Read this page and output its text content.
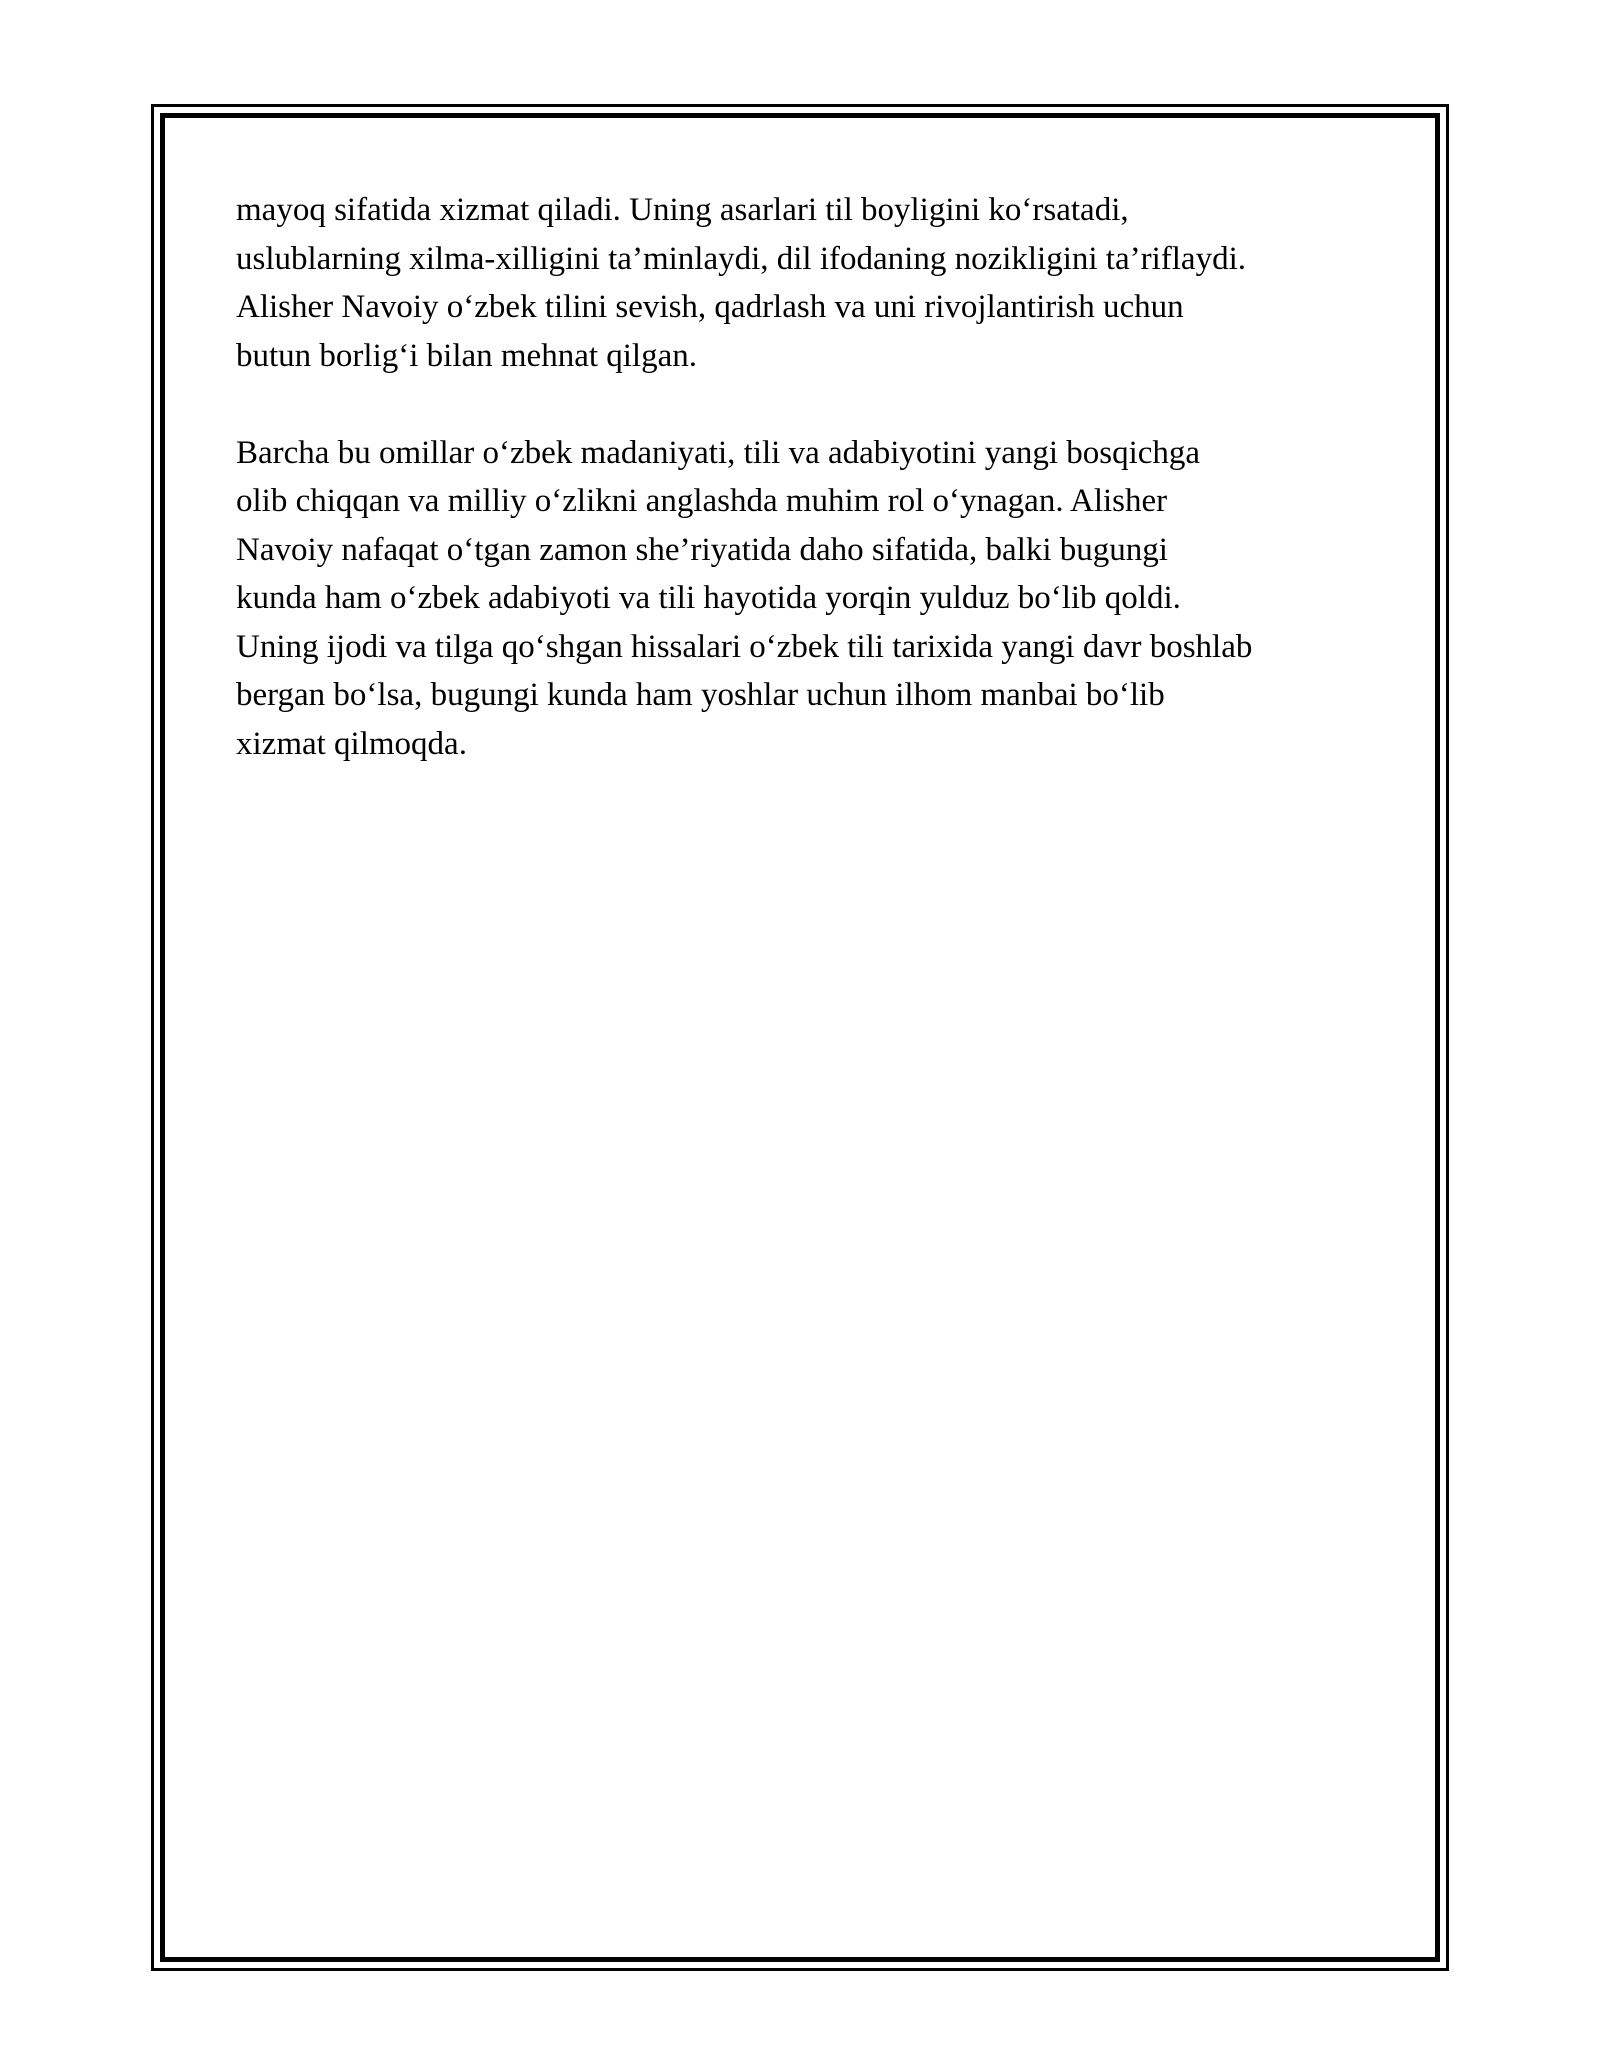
mayoq sifatida xizmat qiladi. Uning asarlari til boyligini ko‘rsatadi,
uslublarning xilma-xilligini ta’minlaydi, dil ifodaning nozikligini ta’riflaydi.
Alisher Navoiy o‘zbek tilini sevish, qadrlash va uni rivojlantirish uchun
butun borlig‘i bilan mehnat qilgan.

Barcha bu omillar o‘zbek madaniyati, tili va adabiyotini yangi bosqichga
olib chiqqan va milliy o‘zlikni anglashda muhim rol o‘ynagan. Alisher
Navoiy nafaqat o‘tgan zamon she’riyatida daho sifatida, balki bugungi
kunda ham o‘zbek adabiyoti va tili hayotida yorqin yulduz bo‘lib qoldi.
Uning ijodi va tilga qo‘shgan hissalari o‘zbek tili tarixida yangi davr boshlab
bergan bo‘lsa, bugungi kunda ham yoshlar uchun ilhom manbai bo‘lib
xizmat qilmoqda.
